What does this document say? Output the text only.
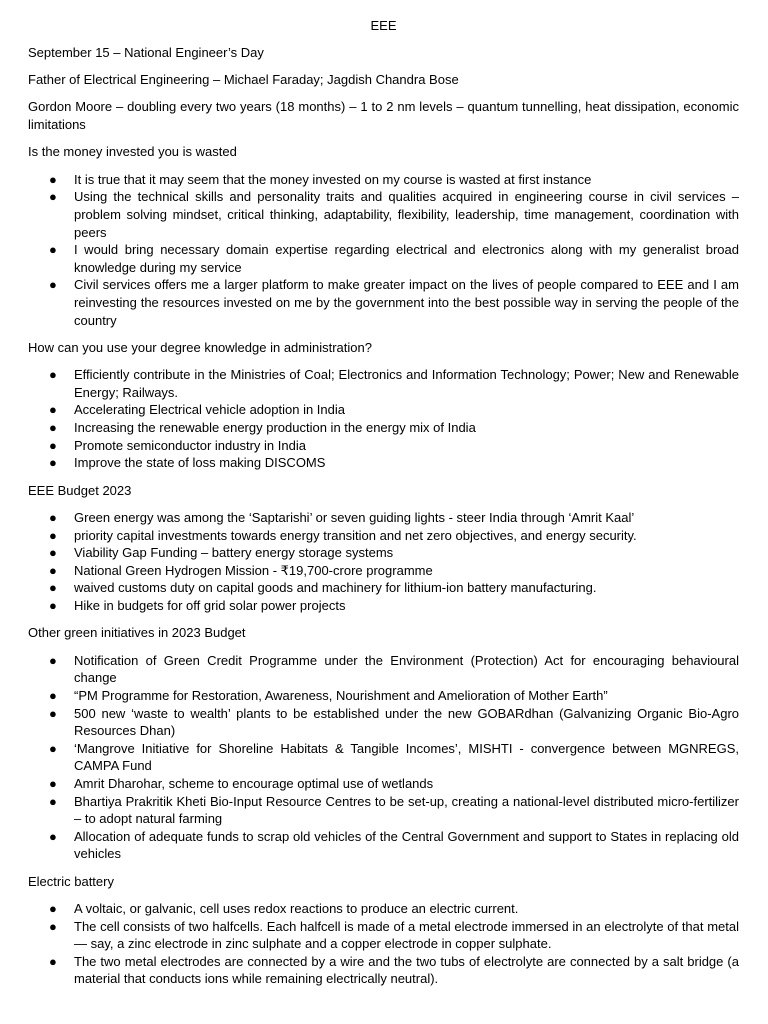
EEE

September 15 – National Engineer’s Day

Father of Electrical Engineering – Michael Faraday; Jagdish Chandra Bose

Gordon Moore – doubling every two years (18 months) – 1 to 2 nm levels – quantum tunnelling, heat dissipation, economic limitations

Is the money invested you is wasted

● It is true that it may seem that the money invested on my course is wasted at first instance
● Using the technical skills and personality traits and qualities acquired in engineering course in civil services – problem solving mindset, critical thinking, adaptability, flexibility, leadership, time management, coordination with peers
● I would bring necessary domain expertise regarding electrical and electronics along with my generalist broad knowledge during my service
● Civil services offers me a larger platform to make greater impact on the lives of people compared to EEE and I am reinvesting the resources invested on me by the government into the best possible way in serving the people of the country

How can you use your degree knowledge in administration?

● Efficiently contribute in the Ministries of Coal; Electronics and Information Technology; Power; New and Renewable Energy; Railways.
● Accelerating Electrical vehicle adoption in India
● Increasing the renewable energy production in the energy mix of India
● Promote semiconductor industry in India
● Improve the state of loss making DISCOMS

EEE Budget 2023

● Green energy was among the ‘Saptarishi’ or seven guiding lights - steer India through ‘Amrit Kaal’
● priority capital investments towards energy transition and net zero objectives, and energy security.
● Viability Gap Funding – battery energy storage systems
● National Green Hydrogen Mission - ₹19,700-crore programme
● waived customs duty on capital goods and machinery for lithium-ion battery manufacturing.
● Hike in budgets for off grid solar power projects

Other green initiatives in 2023 Budget

● Notification of Green Credit Programme under the Environment (Protection) Act for encouraging behavioural change
● “PM Programme for Restoration, Awareness, Nourishment and Amelioration of Mother Earth”
● 500 new ‘waste to wealth’ plants to be established under the new GOBARdhan (Galvanizing Organic Bio-Agro Resources Dhan)
● ‘Mangrove Initiative for Shoreline Habitats & Tangible Incomes’, MISHTI - convergence between MGNREGS, CAMPA Fund
● Amrit Dharohar, scheme to encourage optimal use of wetlands
● Bhartiya Prakritik Kheti Bio-Input Resource Centres to be set-up, creating a national-level distributed micro-fertilizer – to adopt natural farming
● Allocation of adequate funds to scrap old vehicles of the Central Government and support to States in replacing old vehicles

Electric battery

● A voltaic, or galvanic, cell uses redox reactions to produce an electric current.
● The cell consists of two halfcells. Each halfcell is made of a metal electrode immersed in an electrolyte of that metal — say, a zinc electrode in zinc sulphate and a copper electrode in copper sulphate.
● The two metal electrodes are connected by a wire and the two tubs of electrolyte are connected by a salt bridge (a material that conducts ions while remaining electrically neutral).
